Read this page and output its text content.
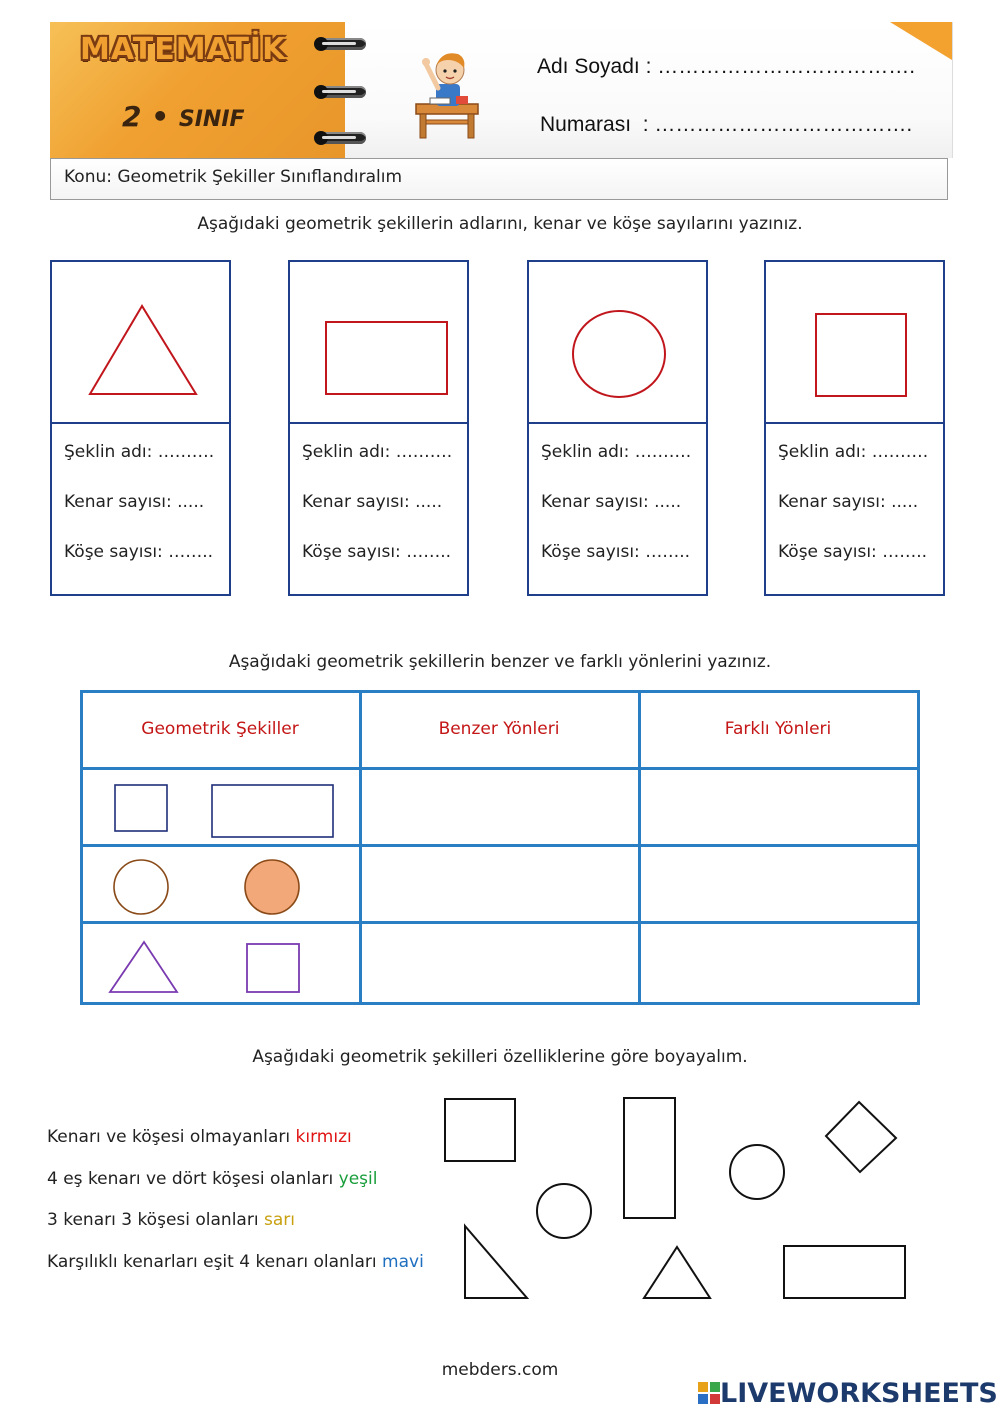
MATEMATİK
2 • SINIF
Adı Soyadı : ……………………………….
Numarası  : ……………………………….
Konu: Geometrik Şekiller Sınıflandıralım
Aşağıdaki geometrik şekillerin adlarını, kenar ve köşe sayılarını yazınız.
Şeklin adı: ……….
Kenar sayısı: .....
Köşe sayısı: ……..
Şeklin adı: ……….
Kenar sayısı: .....
Köşe sayısı: ……..
Şeklin adı: ……….
Kenar sayısı: .....
Köşe sayısı: ……..
Şeklin adı: ……….
Kenar sayısı: .....
Köşe sayısı: ……..
Aşağıdaki geometrik şekillerin benzer ve farklı yönlerini yazınız.
Geometrik Şekiller	Benzer Yönleri	Farklı Yönleri
Aşağıdaki geometrik şekilleri özelliklerine göre boyayalım.
Kenarı ve köşesi olmayanları kırmızı
4 eş kenarı ve dört köşesi olanları yeşil
3 kenarı 3 köşesi olanları sarı
Karşılıklı kenarları eşit 4 kenarı olanları mavi
mebders.com
LIVEWORKSHEETS
